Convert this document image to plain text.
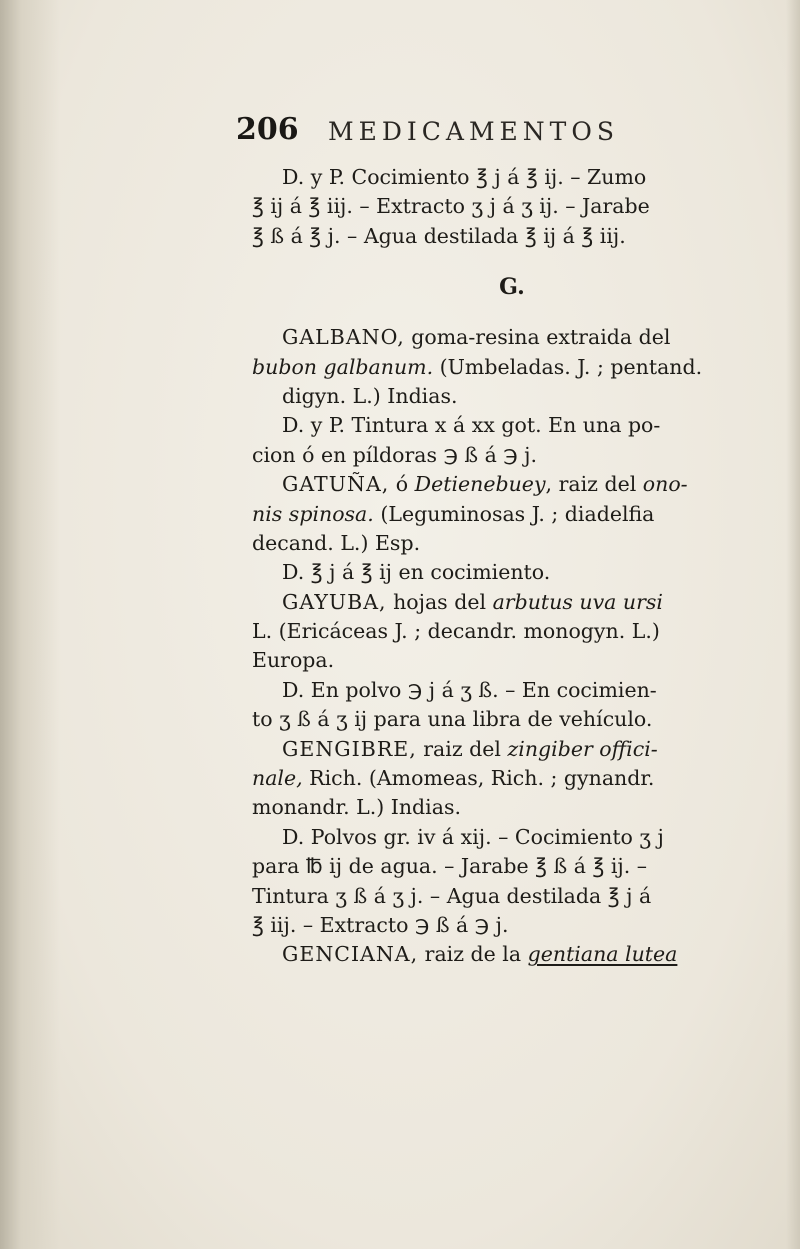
206 MEDICAMENTOS
D. y P. Cocimiento ℥ j á ℥ ij. – Zumo
℥ ij á ℥ iij. – Extracto ʒ j á ʒ ij. – Jarabe
℥ ß á ℥ j. – Agua destilada ℥ ij á ℥ iij.
G.
GALBANO, goma-resina extraida del
bubon galbanum. (Umbeladas. J. ; pentand.
digyn. L.) Indias.
D. y P. Tintura x á xx got. En una po-
cion ó en píldoras ℈ ß á ℈ j.
GATUÑA, ó Detienebuey, raiz del ono-
nis spinosa. (Leguminosas J. ; diadelfia
decand. L.) Esp.
D. ℥ j á ℥ ij en cocimiento.
GAYUBA, hojas del arbutus uva ursi
L. (Ericáceas J. ; decandr. monogyn. L.)
Europa.
D. En polvo ℈ j á ʒ ß. – En cocimien-
to ʒ ß á ʒ ij para una libra de vehículo.
GENGIBRE, raiz del zingiber offici-
nale, Rich. (Amomeas, Rich. ; gynandr.
monandr. L.) Indias.
D. Polvos gr. iv á xij. – Cocimiento ʒ j
para ℔ ij de agua. – Jarabe ℥ ß á ℥ ij. –
Tintura ʒ ß á ʒ j. – Agua destilada ℥ j á
℥ iij. – Extracto ℈ ß á ℈ j.
GENCIANA, raiz de la gentiana lutea
